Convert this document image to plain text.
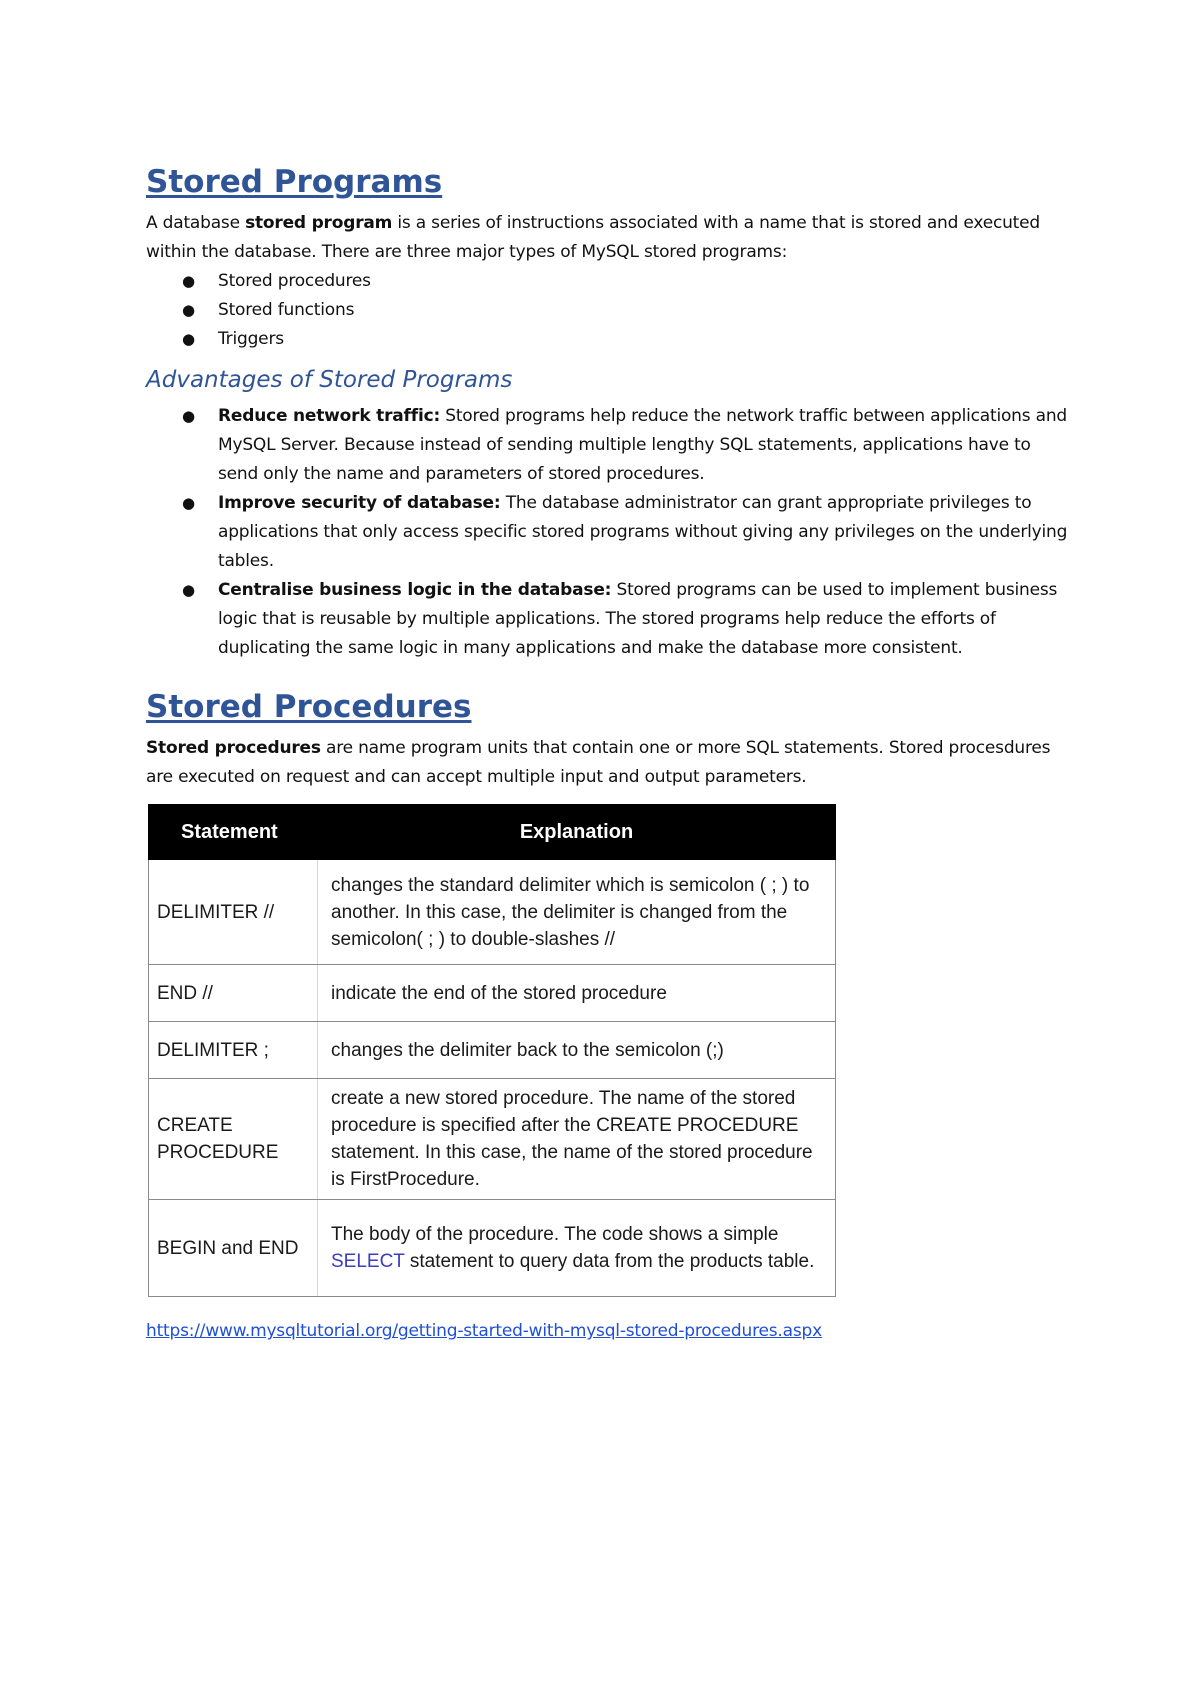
Stored Programs

A database stored program is a series of instructions associated with a name that is stored and executed within the database. There are three major types of MySQL stored programs:

● Stored procedures
● Stored functions
● Triggers
Advantages of Stored Programs
● Reduce network traffic: Stored programs help reduce the network traffic between applications and MySQL Server. Because instead of sending multiple lengthy SQL statements, applications have to send only the name and parameters of stored procedures.
● Improve security of database: The database administrator can grant appropriate privileges to applications that only access specific stored programs without giving any privileges on the underlying tables.
● Centralise business logic in the database: Stored programs can be used to implement business logic that is reusable by multiple applications. The stored programs help reduce the efforts of duplicating the same logic in many applications and make the database more consistent.
Stored Procedures

Stored procedures are name program units that contain one or more SQL statements. Stored procesdures are executed on request and can accept multiple input and output parameters.

Statement	Explanation
DELIMITER //	changes the standard delimiter which is semicolon ( ; ) to another. In this case, the delimiter is changed from the semicolon( ; ) to double-slashes //
END //	indicate the end of the stored procedure
DELIMITER ;	changes the delimiter back to the semicolon (;)
CREATE PROCEDURE	create a new stored procedure. The name of the stored procedure is specified after the CREATE PROCEDURE statement. In this case, the name of the stored procedure is FirstProcedure.
BEGIN and END	The body of the procedure. The code shows a simple SELECT statement to query data from the products table.
https://www.mysqltutorial.org/getting-started-with-mysql-stored-procedures.aspx
